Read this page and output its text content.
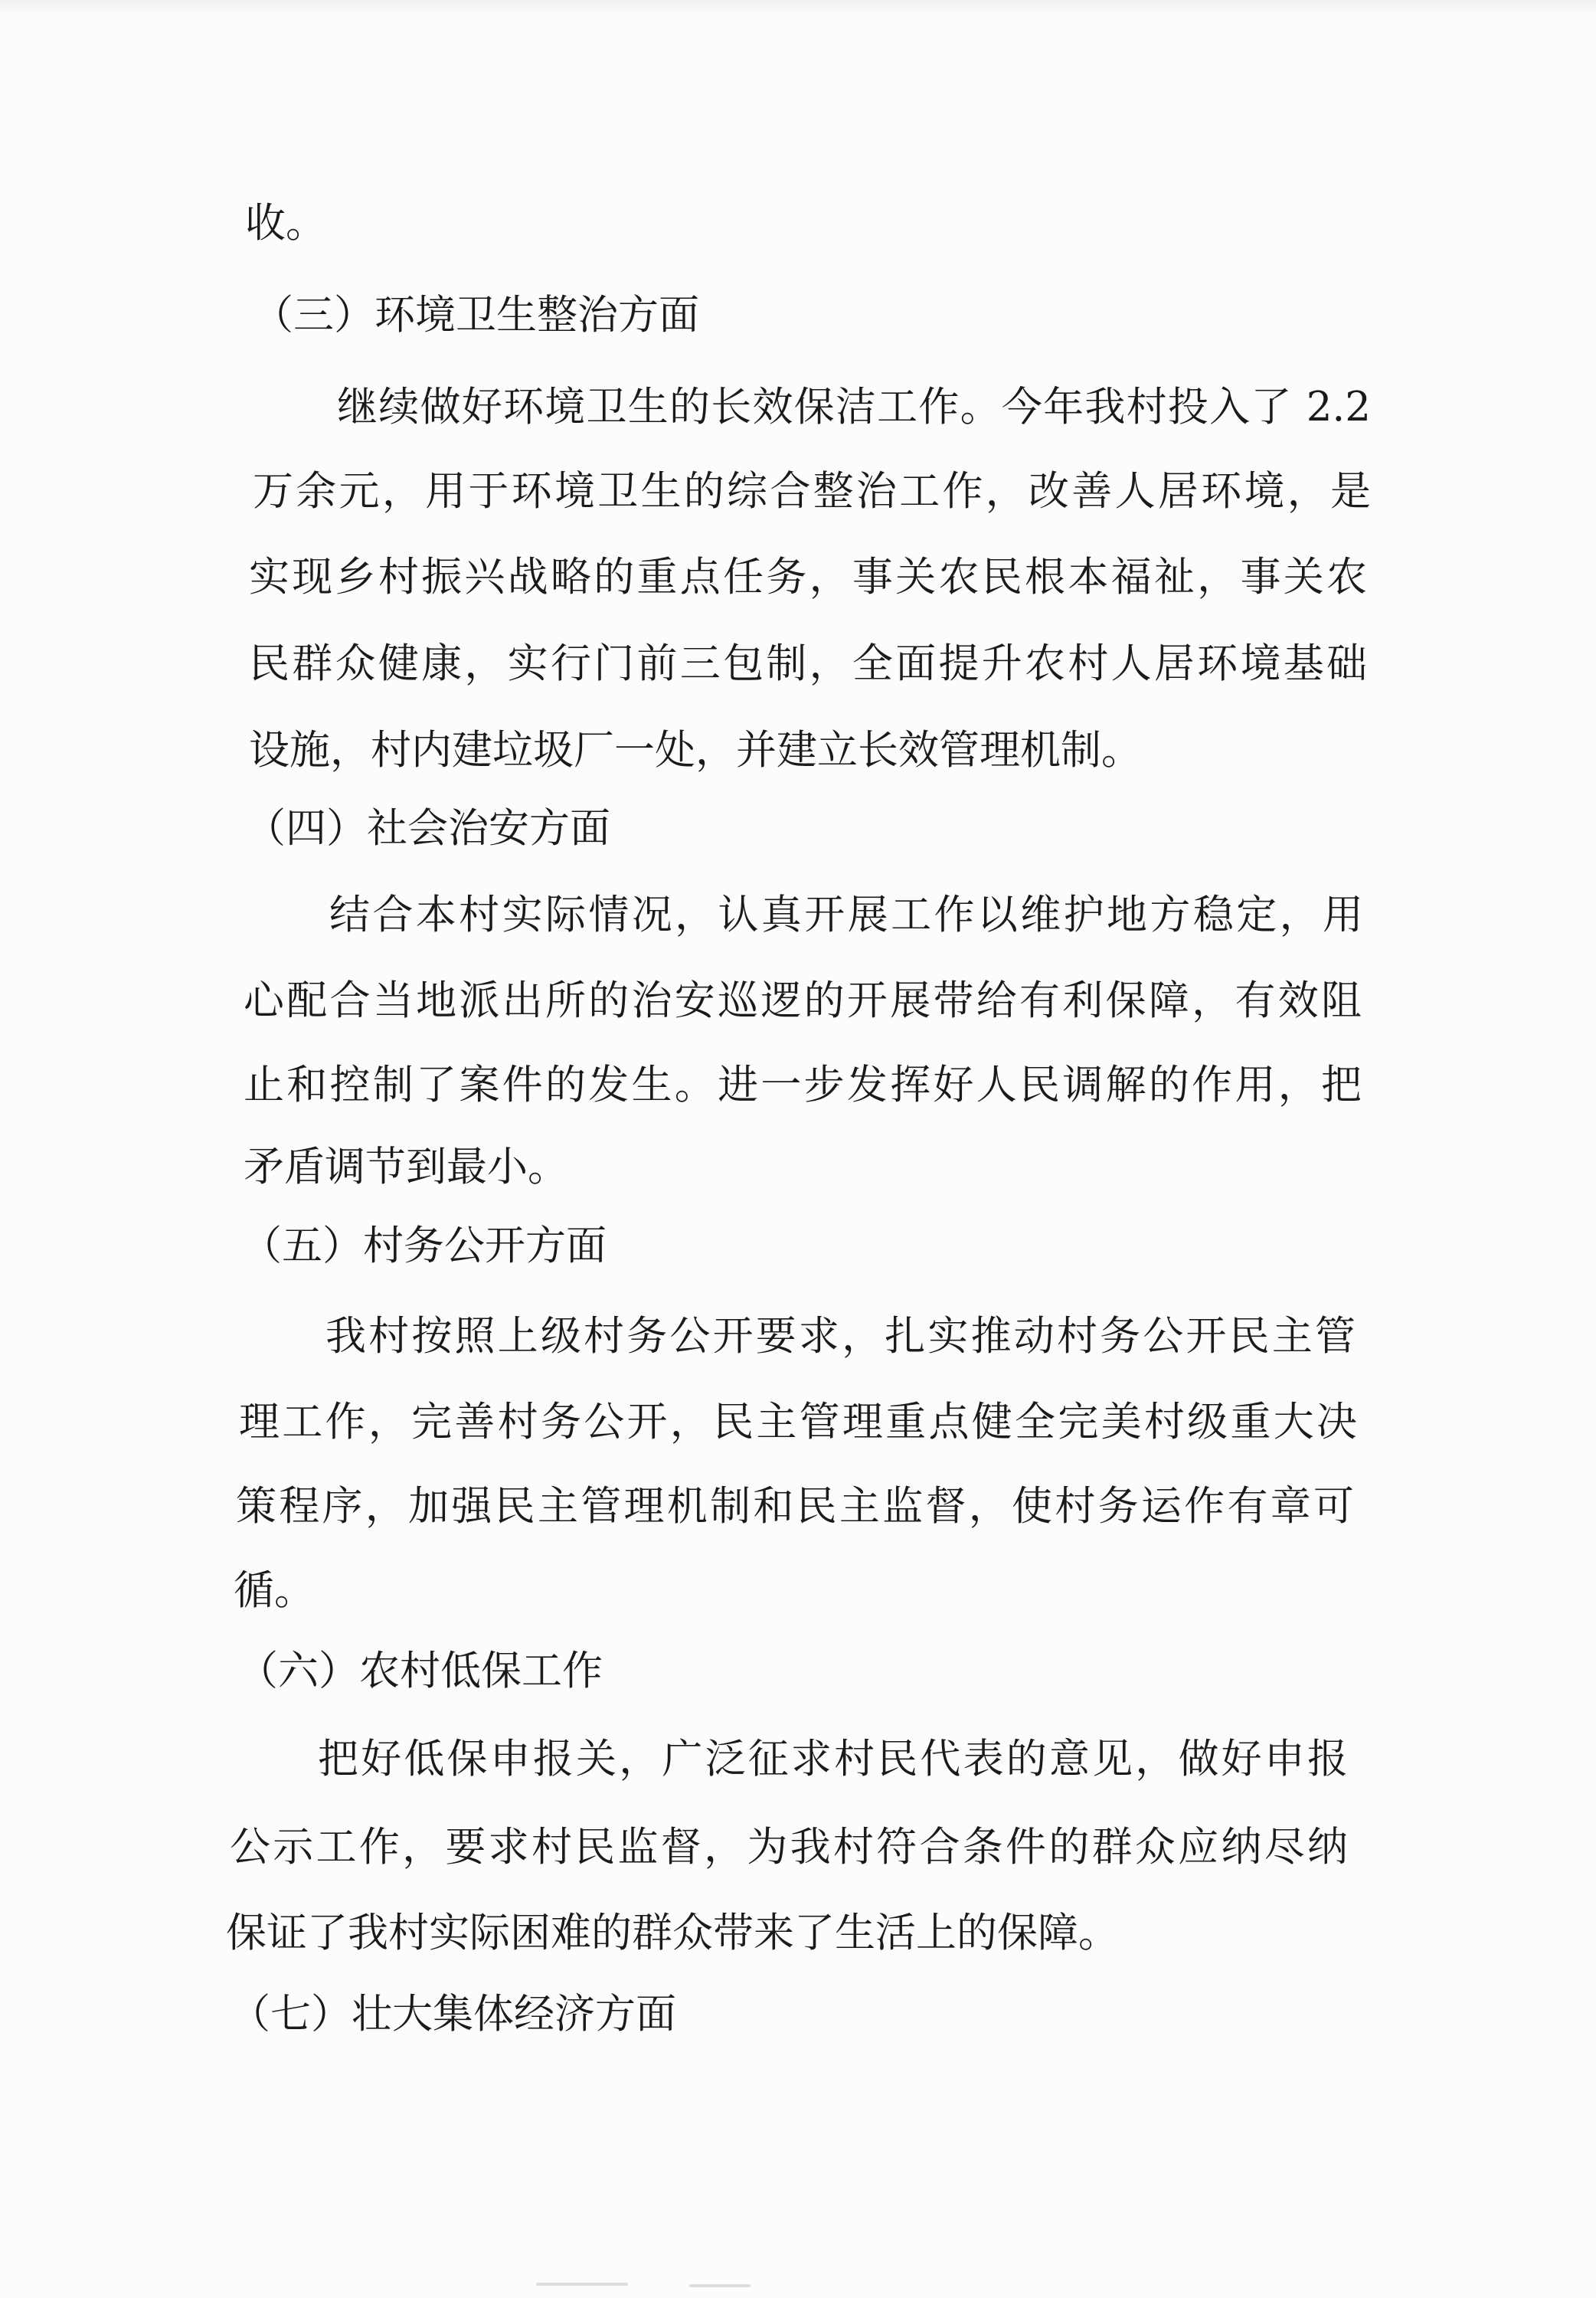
收。
（三）环境卫生整治方面
继续做好环境卫生的长效保洁工作。今年我村投入了 2.2
万余元，用于环境卫生的综合整治工作，改善人居环境，是
实现乡村振兴战略的重点任务，事关农民根本福祉，事关农
民群众健康，实行门前三包制，全面提升农村人居环境基础
设施，村内建垃圾厂一处，并建立长效管理机制。
（四）社会治安方面
结合本村实际情况，认真开展工作以维护地方稳定，用
心配合当地派出所的治安巡逻的开展带给有利保障，有效阻
止和控制了案件的发生。进一步发挥好人民调解的作用，把
矛盾调节到最小。
（五）村务公开方面
我村按照上级村务公开要求，扎实推动村务公开民主管
理工作，完善村务公开，民主管理重点健全完美村级重大决
策程序，加强民主管理机制和民主监督，使村务运作有章可
循。
（六）农村低保工作
把好低保申报关，广泛征求村民代表的意见，做好申报
公示工作，要求村民监督，为我村符合条件的群众应纳尽纳
保证了我村实际困难的群众带来了生活上的保障。
（七）壮大集体经济方面
